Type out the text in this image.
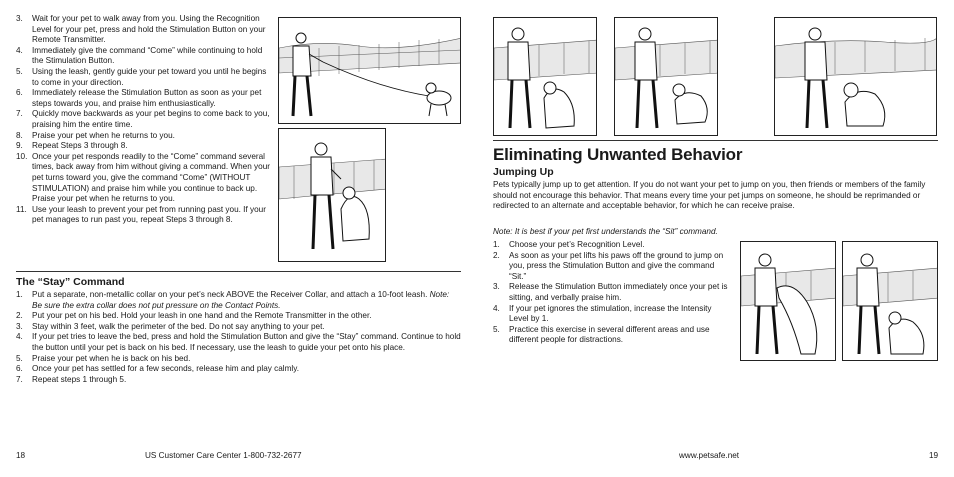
3.	Wait for your pet to walk away from you. Using the Recognition Level for your pet, press and hold the Stimulation Button on your Remote Transmitter.
4.	Immediately give the command “Come” while continuing to hold the Stimulation Button.
5.	Using the leash, gently guide your pet toward you until he begins to come in your direction.
6.	Immediately release the Stimulation Button as soon as your pet steps towards you, and praise him enthusiastically.
7.	Quickly move backwards as your pet begins to come back to you, praising him the entire time.
8.	Praise your pet when he returns to you.
9.	Repeat Steps 3 through 8.
10. Once your pet responds readily to the “Come” command several times, back away from him without giving a command. When your pet turns toward you, give the command “Come” (WITHOUT STIMULATION) and praise him while you continue to back up. Praise your pet when he returns to you.
11. Use your leash to prevent your pet from running past you. If your pet manages to run past you, repeat Steps 3 through 8.
The “Stay” Command
1.	Put a separate, non-metallic collar on your pet’s neck ABOVE the Receiver Collar, and attach a 10-foot leash. Note: Be sure the extra collar does not put pressure on the Contact Points.
2.	Put your pet on his bed. Hold your leash in one hand and the Remote Transmitter in the other.
3.	Stay within 3 feet, walk the perimeter of the bed. Do not say anything to your pet.
4.	If your pet tries to leave the bed, press and hold the Stimulation Button and give the “Stay” command. Continue to hold the button until your pet is back on his bed. If necessary, use the leash to guide your pet onto his place.
5.	Praise your pet when he is back on his bed.
6.	Once your pet has settled for a few seconds, release him and play calmly.
7.	Repeat steps 1 through 5.
18	US Customer Care Center 1-800-732-2677
Eliminating Unwanted Behavior
Jumping Up
Pets typically jump up to get attention. If you do not want your pet to jump on you, then friends or members of the family should not encourage this behavior. That means every time your pet jumps on someone, he should be reprimanded or redirected to an alternate and acceptable behavior, for which he can receive praise.
Note: It is best if your pet first understands the “Sit” command.
1.	Choose your pet’s Recognition Level.
2.	As soon as your pet lifts his paws off the ground to jump on you, press the Stimulation Button and give the command “Sit.”
3.	Release the Stimulation Button immediately once your pet is sitting, and verbally praise him.
4.	If your pet ignores the stimulation, increase the Intensity Level by 1.
5.	Practice this exercise in several different areas and use different people for distractions.
www.petsafe.net	19
